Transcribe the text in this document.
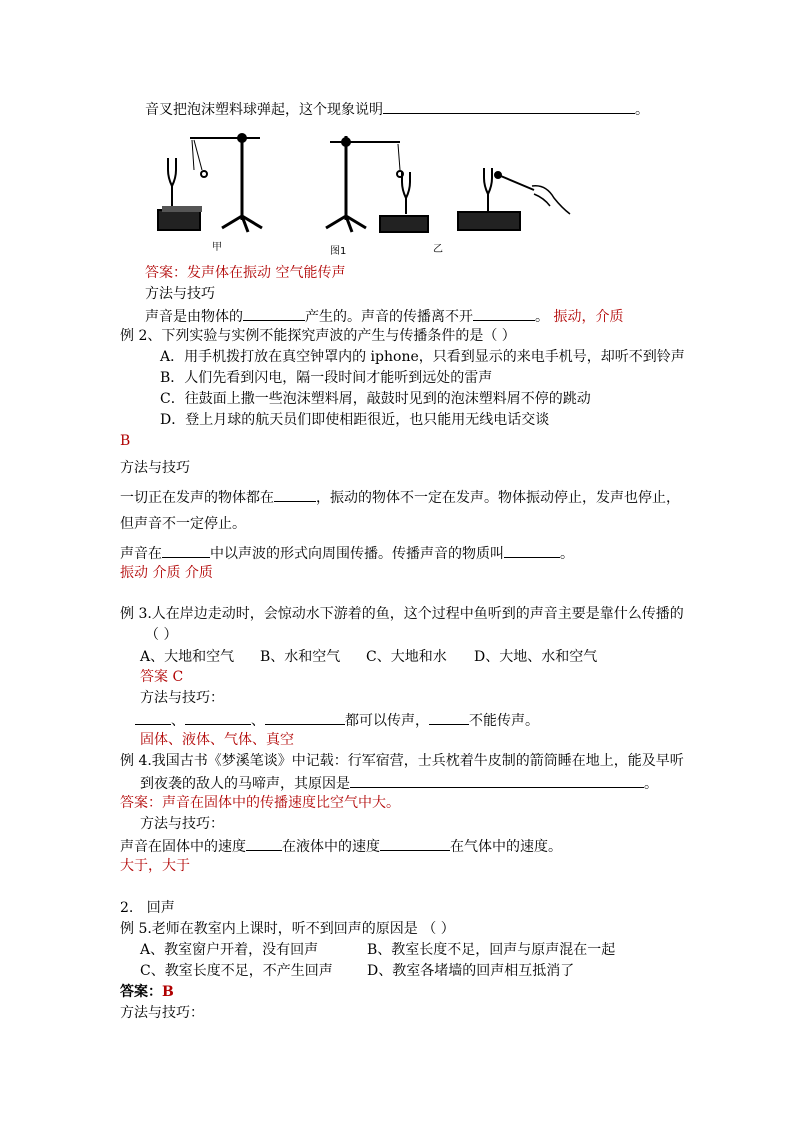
音叉把泡沫塑料球弹起，这个现象说明	。
甲	图1	乙
答案：发声体在振动 空气能传声
方法与技巧
声音是由物体的	产生的。声音的传播离不开	。 振动，介质
例 2、下列实验与实例不能探究声波的产生与传播条件的是（ ）
A．用手机拨打放在真空钟罩内的 iphone，只看到显示的来电手机号，却听不到铃声
B．人们先看到闪电，隔一段时间才能听到远处的雷声
C．往鼓面上撒一些泡沫塑料屑，敲鼓时见到的泡沫塑料屑不停的跳动
D．登上月球的航天员们即使相距很近，也只能用无线电话交谈
B
方法与技巧
一切正在发声的物体都在	，振动的物体不一定在发声。物体振动停止，发声也停止，
但声音不一定停止。
声音在	中以声波的形式向周围传播。传播声音的物质叫	。
振动 介质 介质
例 3.人在岸边走动时，会惊动水下游着的鱼，这个过程中鱼听到的声音主要是靠什么传播的
（ ）
A、大地和空气 B、水和空气 C、大地和水 D、大地、水和空气
答案 C
方法与技巧：
、	、	都可以传声，	不能传声。
固体、液体、气体、真空
例 4.我国古书《梦溪笔谈》中记载：行军宿营，士兵枕着牛皮制的箭筒睡在地上，能及早听
到夜袭的敌人的马啼声，其原因是	。
答案：声音在固体中的传播速度比空气中大。
方法与技巧：
声音在固体中的速度	在液体中的速度	在气体中的速度。
大于，大于
2. 回声
例 5.老师在教室内上课时，听不到回声的原因是 （ ）
A、教室窗户开着，没有回声	B、教室长度不足，回声与原声混在一起
C、教室长度不足，不产生回声 D、教室各堵墙的回声相互抵消了
答案：B
方法与技巧：
